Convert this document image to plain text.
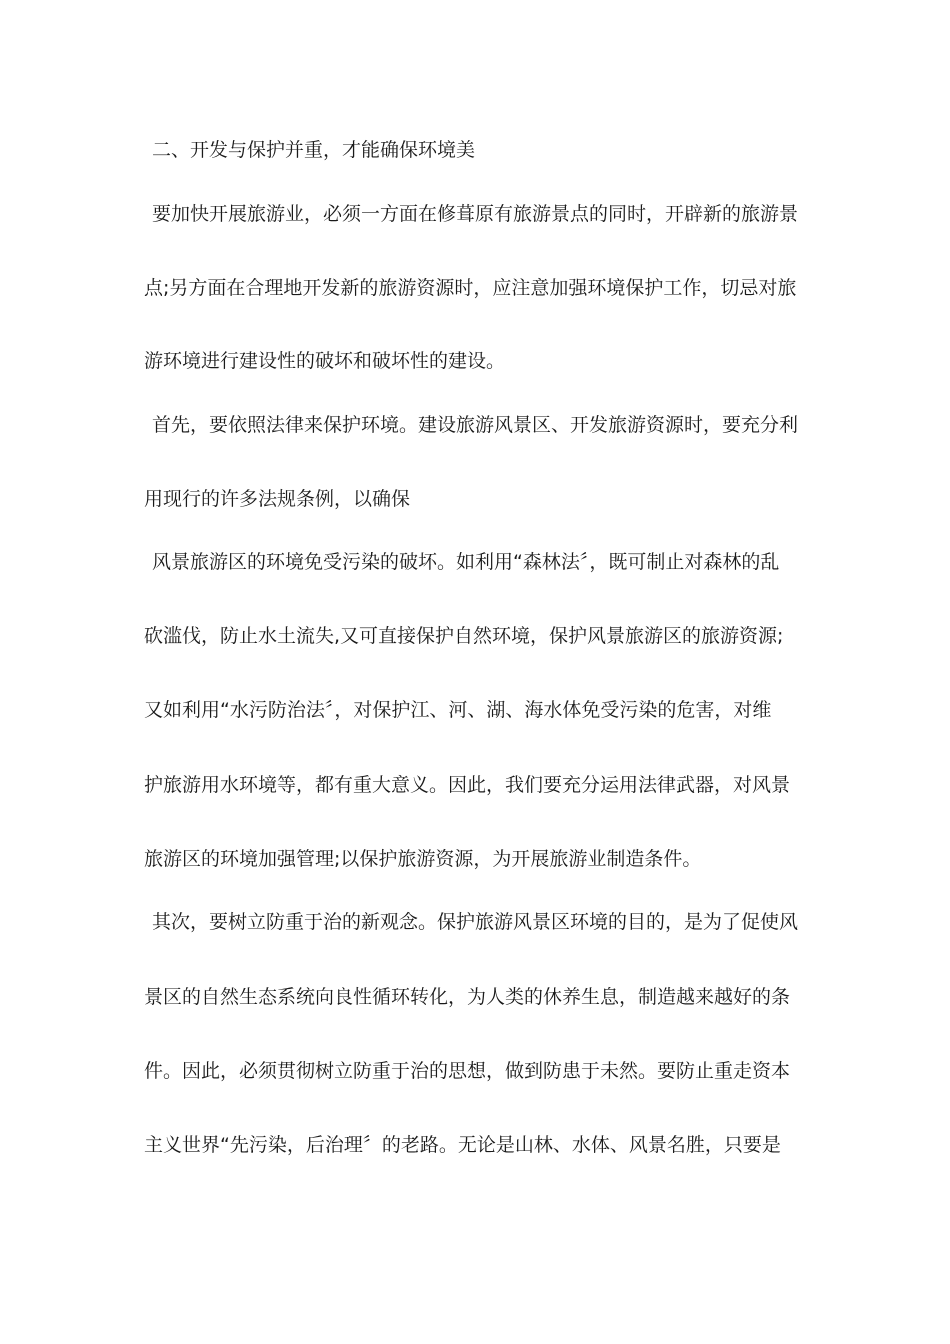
二、开发与保护并重，才能确保环境美
要加快开展旅游业，必须一方面在修葺原有旅游景点的同时，开辟新的旅游景
点;另方面在合理地开发新的旅游资源时，应注意加强环境保护工作，切忌对旅
游环境进行建设性的破坏和破坏性的建设。
首先，要依照法律来保护环境。建设旅游风景区、开发旅游资源时，要充分利
用现行的许多法规条例，以确保
风景旅游区的环境免受污染的破坏。如利用“森林法〞，既可制止对森林的乱
砍滥伐，防止水土流失,又可直接保护自然环境，保护风景旅游区的旅游资源;
又如利用“水污防治法〞，对保护江、河、湖、海水体免受污染的危害，对维
护旅游用水环境等，都有重大意义。因此，我们要充分运用法律武器，对风景
旅游区的环境加强管理;以保护旅游资源，为开展旅游业制造条件。
其次，要树立防重于治的新观念。保护旅游风景区环境的目的，是为了促使风
景区的自然生态系统向良性循环转化，为人类的休养生息，制造越来越好的条
件。因此，必须贯彻树立防重于治的思想，做到防患于未然。要防止重走资本
主义世界“先污染，后治理〞的老路。无论是山林、水体、风景名胜，只要是
